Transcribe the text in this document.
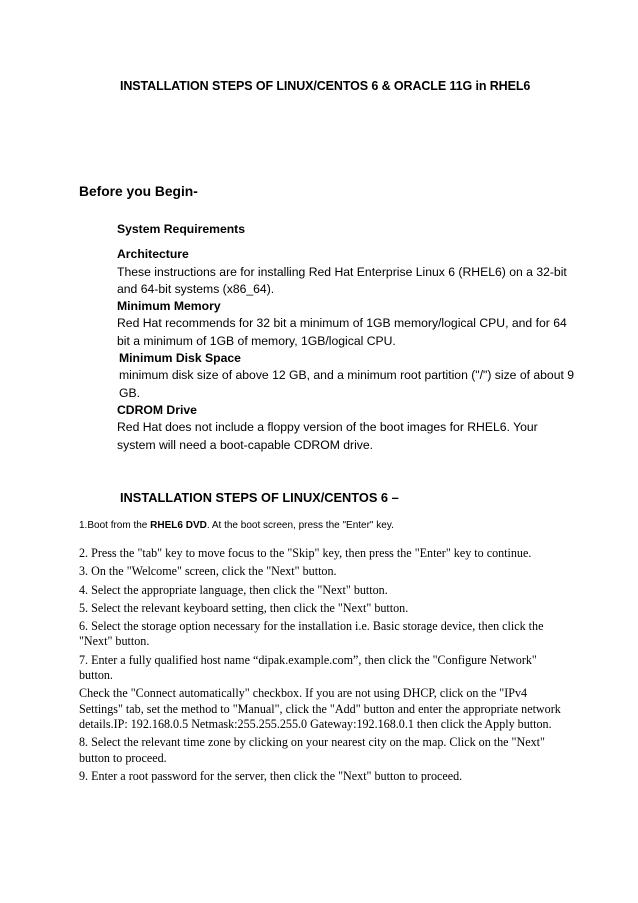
INSTALLATION STEPS OF LINUX/CENTOS 6 & ORACLE 11G in RHEL6
Before you Begin-

System Requirements

Architecture

These instructions are for installing Red Hat Enterprise Linux 6 (RHEL6) on a 32-bit and 64-bit systems (x86_64).

Minimum Memory

Red Hat recommends for 32 bit a minimum of 1GB memory/logical CPU, and for 64 bit a minimum of 1GB of memory, 1GB/logical CPU.

Minimum Disk Space

minimum disk size of above 12 GB, and a minimum root partition ("/") size of about 9 GB.

CDROM Drive

Red Hat does not include a floppy version of the boot images for RHEL6. Your system will need a boot-capable CDROM drive.

INSTALLATION STEPS OF LINUX/CENTOS 6 –
1.Boot from the RHEL6 DVD. At the boot screen, press the "Enter" key.

2. Press the "tab" key to move focus to the "Skip" key, then press the "Enter" key to continue.

3. On the "Welcome" screen, click the "Next" button.

4. Select the appropriate language, then click the "Next" button.

5. Select the relevant keyboard setting, then click the "Next" button.

6. Select the storage option necessary for the installation i.e. Basic storage device, then click the "Next" button.

7. Enter a fully qualified host name “dipak.example.com”, then click the "Configure Network" button.

Check the "Connect automatically" checkbox. If you are not using DHCP, click on the "IPv4 Settings" tab, set the method to "Manual", click the "Add" button and enter the appropriate network details.IP: 192.168.0.5 Netmask:255.255.255.0 Gateway:192.168.0.1 then click the Apply button.

8. Select the relevant time zone by clicking on your nearest city on the map. Click on the "Next" button to proceed.

9. Enter a root password for the server, then click the "Next" button to proceed.
